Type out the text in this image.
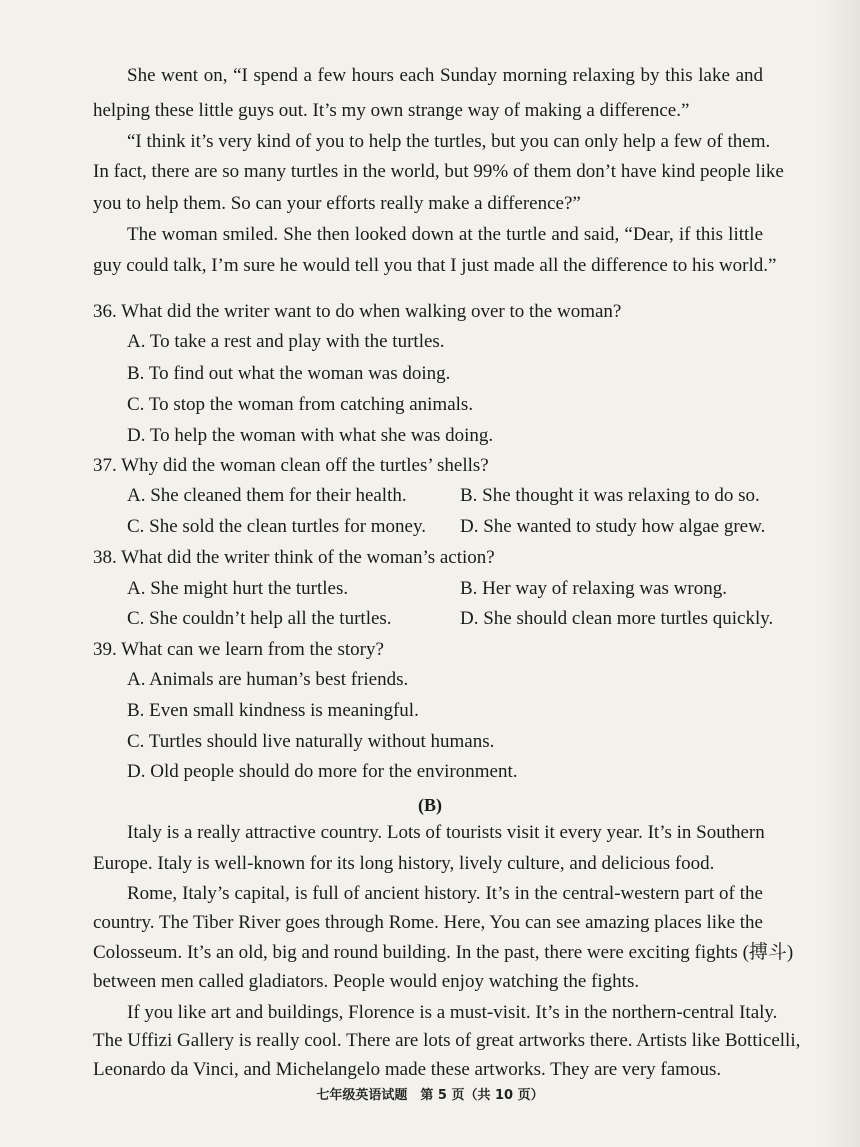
She went on, “I spend a few hours each Sunday morning relaxing by this lake and
helping these little guys out. It’s my own strange way of making a difference.”
“I think it’s very kind of you to help the turtles, but you can only help a few of them.
In fact, there are so many turtles in the world, but 99% of them don’t have kind people like
you to help them. So can your efforts really make a difference?”
The woman smiled. She then looked down at the turtle and said, “Dear, if this little
guy could talk, I’m sure he would tell you that I just made all the difference to his world.”
36. What did the writer want to do when walking over to the woman?
A. To take a rest and play with the turtles.
B. To find out what the woman was doing.
C. To stop the woman from catching animals.
D. To help the woman with what she was doing.
37. Why did the woman clean off the turtles’ shells?
A. She cleaned them for their health.	B. She thought it was relaxing to do so.
C. She sold the clean turtles for money. D. She wanted to study how algae grew.
38. What did the writer think of the woman’s action?
A. She might hurt the turtles.	B. Her way of relaxing was wrong.
C. She couldn’t help all the turtles.	D. She should clean more turtles quickly.
39. What can we learn from the story?
A. Animals are human’s best friends.
B. Even small kindness is meaningful.
C. Turtles should live naturally without humans.
D. Old people should do more for the environment.
(B)
Italy is a really attractive country. Lots of tourists visit it every year. It’s in Southern
Europe. Italy is well-known for its long history, lively culture, and delicious food.
Rome, Italy’s capital, is full of ancient history. It’s in the central-western part of the
country. The Tiber River goes through Rome. Here, You can see amazing places like the
Colosseum. It’s an old, big and round building. In the past, there were exciting fights (搏斗)
between men called gladiators. People would enjoy watching the fights.
If you like art and buildings, Florence is a must-visit. It’s in the northern-central Italy.
The Uffizi Gallery is really cool. There are lots of great artworks there. Artists like Botticelli,
Leonardo da Vinci, and Michelangelo made these artworks. They are very famous.
七年级英语试题　第 5 页（共 10 页）
